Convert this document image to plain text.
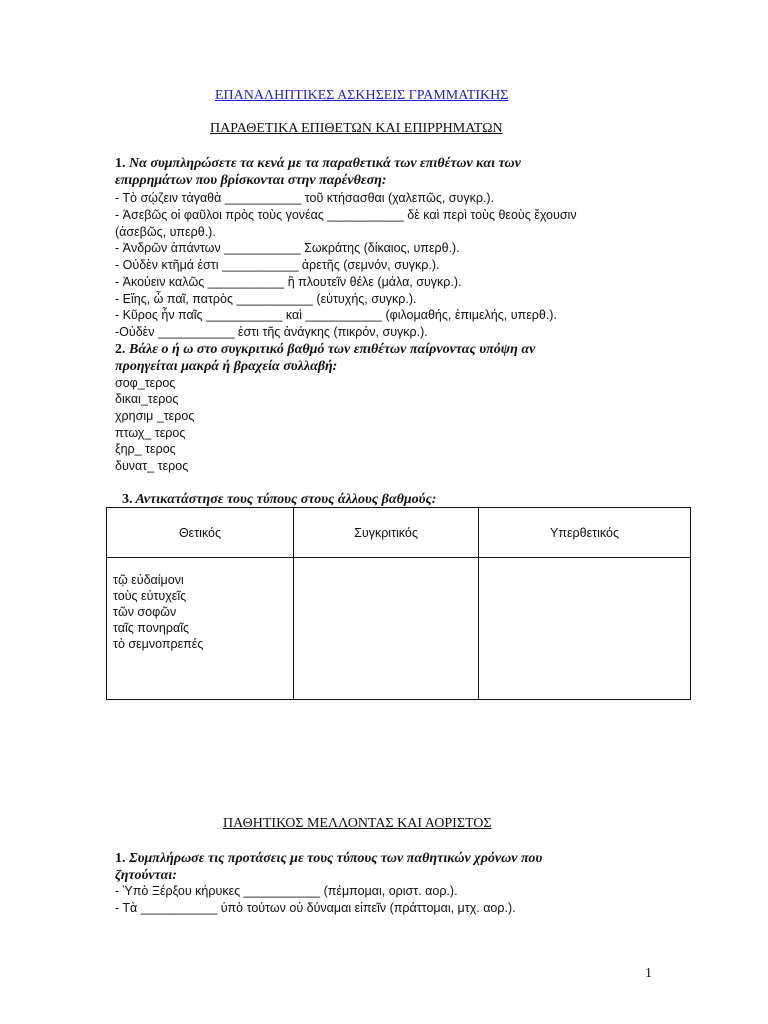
ΕΠΑΝΑΛΗΠΤΙΚΕΣ ΑΣΚΗΣΕΙΣ ΓΡΑΜΜΑΤΙΚΗΣ
ΠΑΡΑΘΕΤΙΚΑ ΕΠΙΘΕΤΩΝ ΚΑΙ ΕΠΙΡΡΗΜΑΤΩΝ
1. Να συμπληρώσετε τα κενά με τα παραθετικά των επιθέτων και των
επιρρημάτων που βρίσκονται στην παρένθεση:
- Τὸ σῴζειν τἀγαθὰ ___________ τοῦ κτήσασθαι (χαλεπῶς, συγκρ.).
- Ἀσεβῶς οἱ φαῦλοι πρὸς τοὺς γονέας ___________ δὲ καὶ περὶ τοὺς θεοὺς ἔχουσιν
(ἀσεβῶς, υπερθ.).
- Ἀνδρῶν ἁπάντων ___________ Σωκράτης (δίκαιος, υπερθ.).
- Οὐδὲν κτῆμά ἐστι ___________ ἀρετῆς (σεμνόν, συγκρ.).
- Ἀκούειν καλῶς ___________ ἢ πλουτεῖν θέλε (μάλα, συγκρ.).
- Εἴης, ὦ παῖ, πατρὸς ___________ (εὐτυχής, συγκρ.).
- Κῦρος ἦν παῖς ___________ καὶ ___________ (φιλομαθής, ἐπιμελής, υπερθ.).
-Οὐδὲν ___________ ἐστι τῆς ἀνάγκης (πικρόν, συγκρ.).
2. Βάλε ο ή ω στο συγκριτικό βαθμό των επιθέτων παίρνοντας υπόψη αν
προηγείται μακρά ή βραχεία συλλαβή:
σοφ_τερος
δικαι_τερος
χρησιμ _τερος
πτωχ_ τερος
ξηρ_ τερος
δυνατ_ τερος
3. Αντικατάστησε τους τύπους στους άλλους βαθμούς:
Θετικός	Συγκριτικός	Υπερθετικός

τῷ εὐδαίμονι
τοὺς εὐτυχεῖς
τῶν σοφῶν
ταῖς πονηραῖς
τὸ σεμνοπρεπές		

ΠΑΘΗΤΙΚΟΣ ΜΕΛΛΟΝΤΑΣ ΚΑΙ ΑΟΡΙΣΤΟΣ
1. Συμπλήρωσε τις προτάσεις με τους τύπους των παθητικών χρόνων που
ζητούνται:
- Ὑπὸ Ξέρξου κήρυκες ___________ (πέμπομαι, οριστ. αορ.).
- Τὰ ___________ ὑπὸ τούτων οὐ δύναμαι εἰπεῖν (πράττομαι, μτχ. αορ.).
1
